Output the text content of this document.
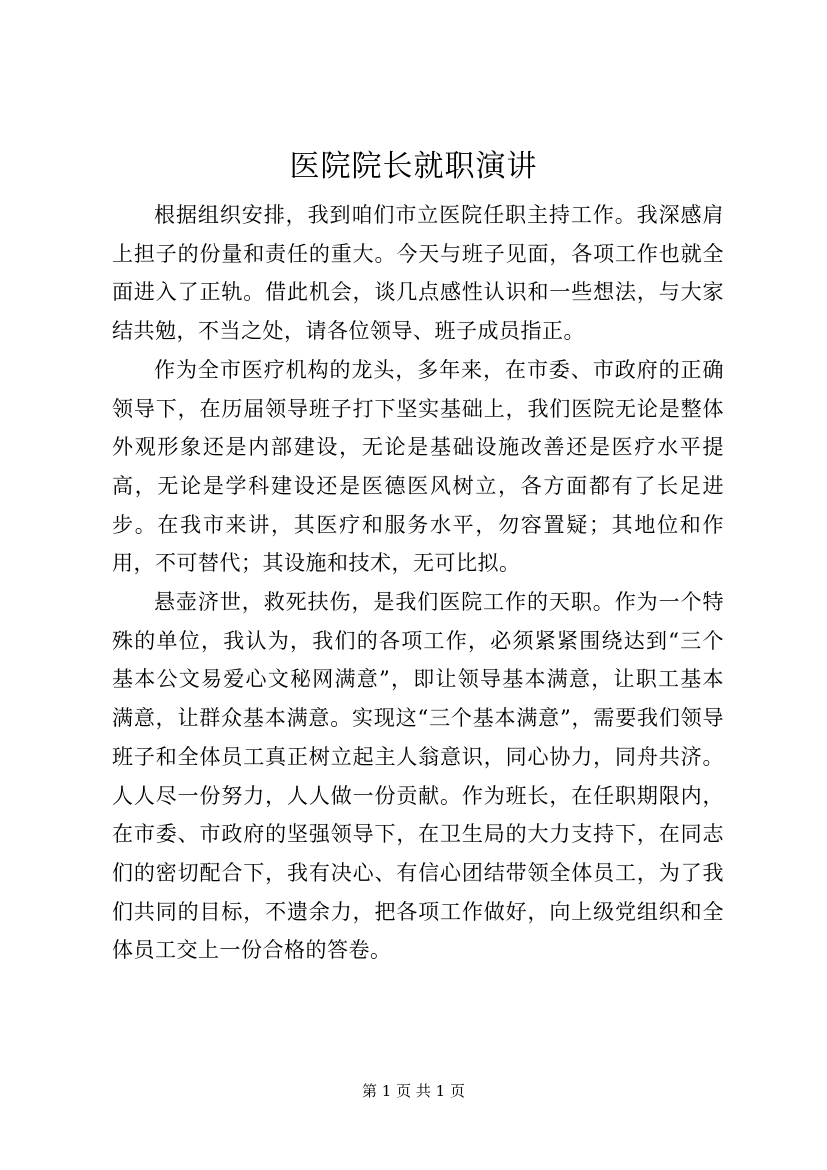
医院院长就职演讲

根据组织安排，我到咱们市立医院任职主持工作。我深感肩上担子的份量和责任的重大。今天与班子见面，各项工作也就全面进入了正轨。借此机会，谈几点感性认识和一些想法，与大家结共勉，不当之处，请各位领导、班子成员指正。

作为全市医疗机构的龙头，多年来，在市委、市政府的正确领导下，在历届领导班子打下坚实基础上，我们医院无论是整体外观形象还是内部建设，无论是基础设施改善还是医疗水平提高，无论是学科建设还是医德医风树立，各方面都有了长足进步。在我市来讲，其医疗和服务水平，勿容置疑；其地位和作用，不可替代；其设施和技术，无可比拟。

悬壶济世，救死扶伤，是我们医院工作的天职。作为一个特殊的单位，我认为，我们的各项工作，必须紧紧围绕达到“三个基本公文易爱心文秘网满意”，即让领导基本满意，让职工基本满意，让群众基本满意。实现这“三个基本满意”，需要我们领导班子和全体员工真正树立起主人翁意识，同心协力，同舟共济。人人尽一份努力，人人做一份贡献。作为班长，在任职期限内，在市委、市政府的坚强领导下，在卫生局的大力支持下，在同志们的密切配合下，我有决心、有信心团结带领全体员工，为了我们共同的目标，不遗余力，把各项工作做好，向上级党组织和全体员工交上一份合格的答卷。

第 1 页 共 1 页
